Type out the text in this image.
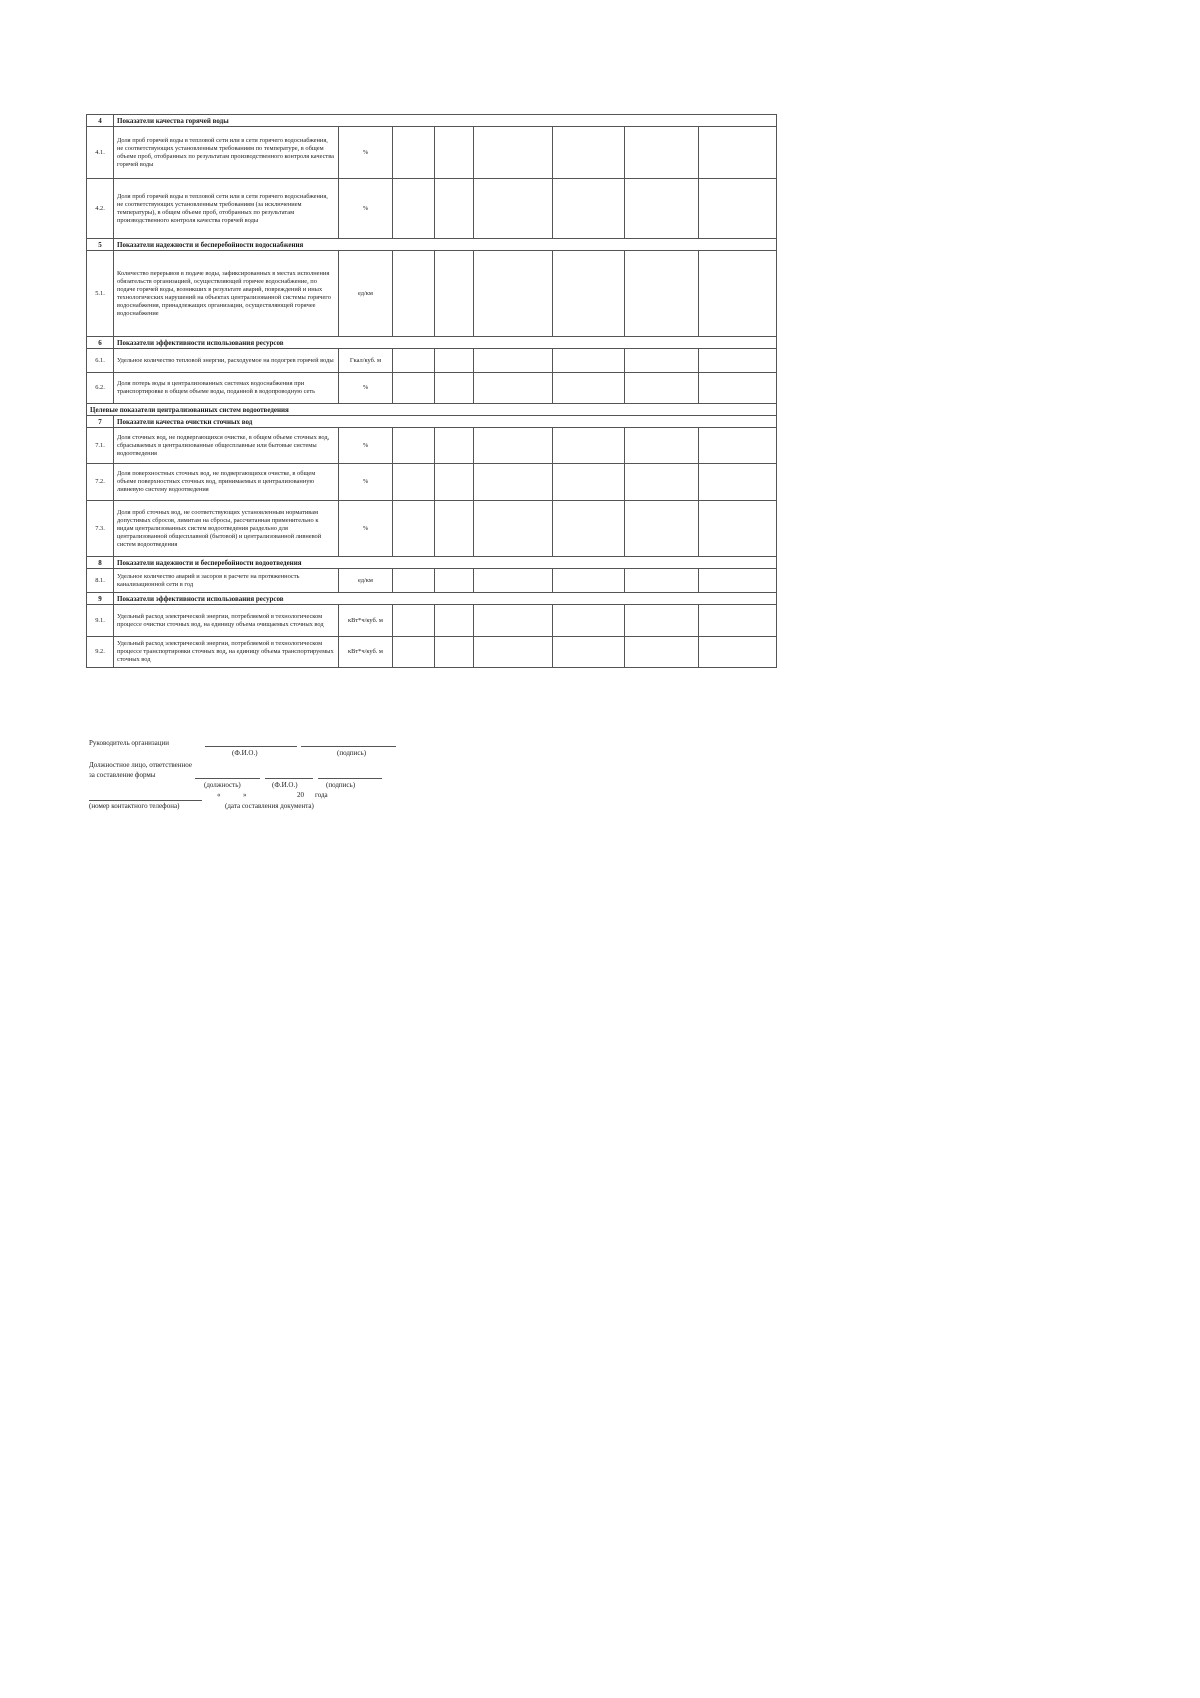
4	Показатели качества горячей воды							
4.1.	Доля проб горячей воды в тепловой сети или в сети горячего водоснабжения, не соответствующих установленным требованиям по температуре, в общем объеме проб, отобранных по результатам производственного контроля качества горячей воды	%						
4.2.	Доля проб горячей воды в тепловой сети или в сети горячего водоснабжения, не соответствующих установленным требованиям (за исключением температуры), в общем объеме проб, отобранных по результатам производственного контроля качества горячей воды	%						
5	Показатели надежности и бесперебойности водоснабжения							
5.1.	Количество перерывов в подаче воды, зафиксированных в местах исполнения обязательств организацией, осуществляющей горячее водоснабжение, по подаче горячей воды, возникших в результате аварий, повреждений и иных технологических нарушений на объектах централизованной системы горячего водоснабжения, принадлежащих организации, осуществляющей горячее водоснабжение	ед/км						
6	Показатели эффективности использования ресурсов							
6.1.	Удельное количество тепловой энергии, расходуемое на подогрев горячей воды	Гкал/куб. м						
6.2.	Доля потерь воды в централизованных системах водоснабжения при транспортировке в общем объеме воды, поданной в водопроводную сеть	%						
Целевые показатели централизованных систем водоотведения								
7	Показатели качества очистки сточных вод							
7.1.	Доля сточных вод, не подвергающихся очистке, в общем объеме сточных вод, сбрасываемых в централизованные общесплавные или бытовые системы водоотведения	%						
7.2.	Доля поверхностных сточных вод, не подвергающихся очистке, в общем объеме поверхностных сточных вод, принимаемых в централизованную ливневую систему водоотведения	%						
7.3.	Доля проб сточных вод, не соответствующих установленным нормативам допустимых сбросов, лимитам на сбросы, рассчитанная применительно к видам централизованных систем водоотведения раздельно для централизованной общесплавной (бытовой) и централизованной ливневой систем водоотведения	%						
8	Показатели надежности и бесперебойности водоотведения							
8.1.	Удельное количество аварий и засоров в расчете на протяженность канализационной сети в год	ед/км						
9	Показатели эффективности использования ресурсов							
9.1.	Удельный расход электрической энергии, потребляемой в технологическом процессе очистки сточных вод, на единицу объема очищаемых сточных вод	кВт*ч/куб. м						
9.2.	Удельный расход электрической энергии, потребляемой в технологическом процессе транспортировки сточных вод, на единицу объема транспортируемых сточных вод	кВт*ч/куб. м						
Руководитель организации
(Ф.И.О.)	(подпись)
Должностное лицо, ответственное
за составление формы
(должность)	(Ф.И.О.)	(подпись)
«	»	20 года
(номер контактного телефона)	(дата составления документа)
